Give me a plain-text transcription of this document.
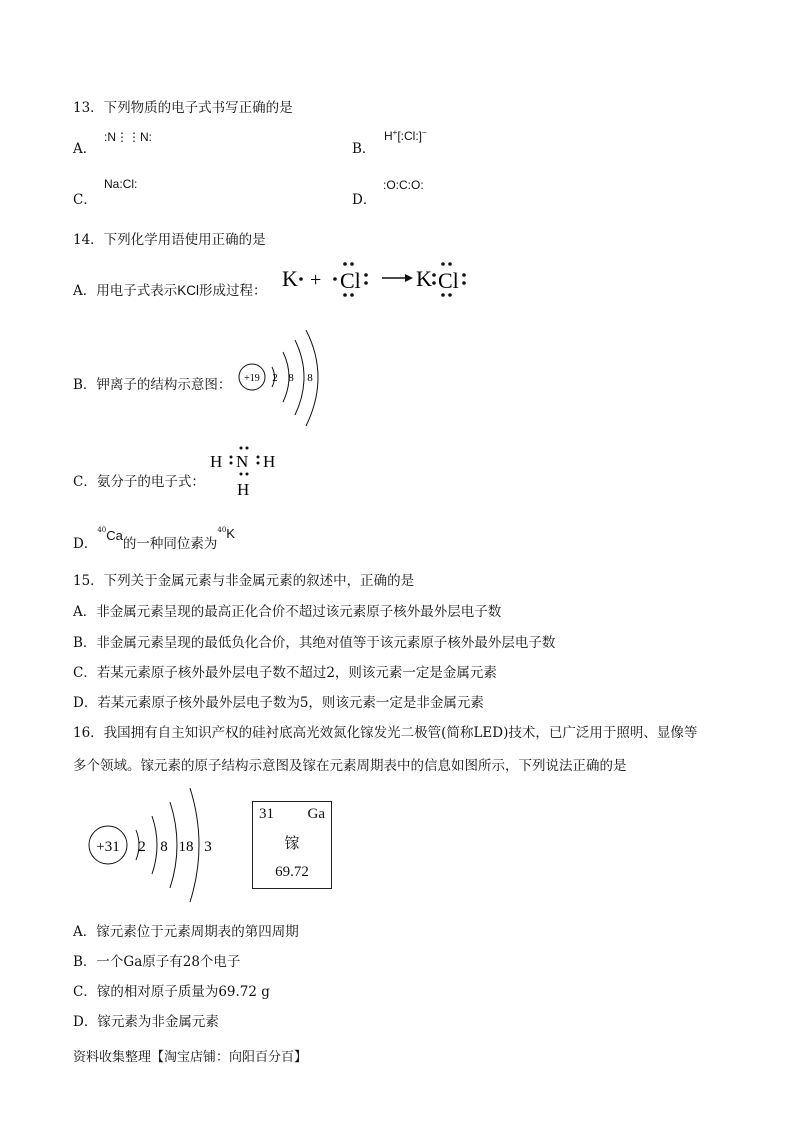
13．下列物质的电子式书写正确的是
A．
:N⋮⋮N:
B．
H+[:Cl:]−
C．
Na:Cl:
D．
:O:C:O:
14．下列化学用语使用正确的是
A．用电子式表示KCl形成过程： K + Cl	K Cl
B．钾离子的结构示意图： +19 2 8 8
C．氨分子的电子式：
H N H
H
D．$^{40}$Ca的一种同位素为$^{40}$K
15．下列关于金属元素与非金属元素的叙述中，正确的是
A．非金属元素呈现的最高正化合价不超过该元素原子核外最外层电子数
B．非金属元素呈现的最低负化合价，其绝对值等于该元素原子核外最外层电子数
C．若某元素原子核外最外层电子数不超过2，则该元素一定是金属元素
D．若某元素原子核外最外层电子数为5，则该元素一定是非金属元素
16．我国拥有自主知识产权的硅衬底高光效氮化镓发光二极管(简称LED)技术，已广泛用于照明、显像等
多个领域。镓元素的原子结构示意图及镓在元素周期表中的信息如图所示，下列说法正确的是
+31 2 8 18 3
31 Ga
镓
69.72
A．镓元素位于元素周期表的第四周期
B．一个Ga原子有28个电子
C．镓的相对原子质量为69.72 g
D．镓元素为非金属元素
资料收集整理【淘宝店铺：向阳百分百】
